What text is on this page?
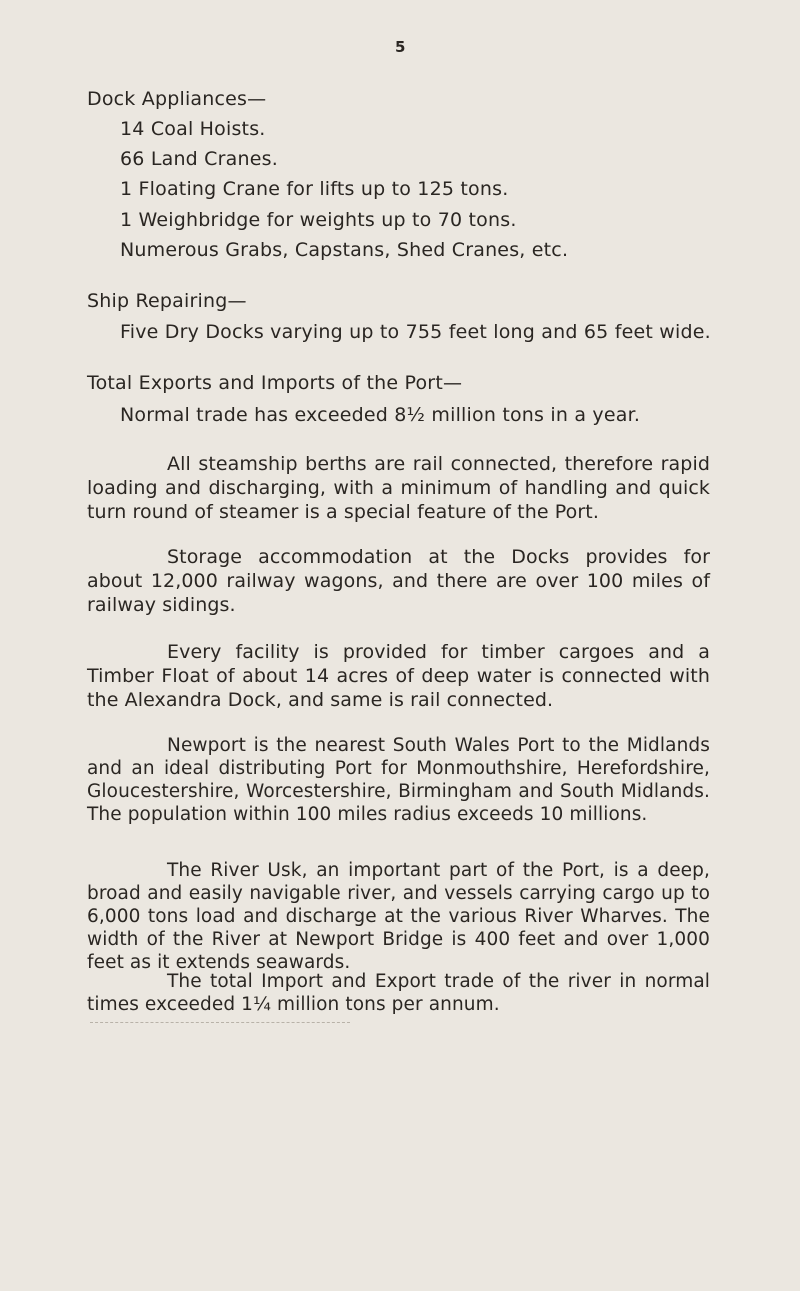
5
Dock Appliances—
14 Coal Hoists.
66 Land Cranes.
1 Floating Crane for lifts up to 125 tons.
1 Weighbridge for weights up to 70 tons.
Numerous Grabs, Capstans, Shed Cranes, etc.
Ship Repairing—
Five Dry Docks varying up to 755 feet long and 65 feet wide.
Total Exports and Imports of the Port—
Normal trade has exceeded 8½ million tons in a year.
All steamship berths are rail connected, therefore rapid loading and discharging, with a minimum of handling and quick turn round of steamer is a special feature of the Port.
Storage accommodation at the Docks provides for about 12,000 railway wagons, and there are over 100 miles of railway sidings.
Every facility is provided for timber cargoes and a Timber Float of about 14 acres of deep water is connected with the Alexandra Dock, and same is rail connected.
Newport is the nearest South Wales Port to the Midlands and an ideal distributing Port for Monmouthshire, Herefordshire, Gloucestershire, Worcestershire, Birmingham and South Midlands. The population within 100 miles radius exceeds 10 millions.
The River Usk, an important part of the Port, is a deep, broad and easily navigable river, and vessels carrying cargo up to 6,000 tons load and discharge at the various River Wharves. The width of the River at Newport Bridge is 400 feet and over 1,000 feet as it extends seawards.
The total Import and Export trade of the river in normal times exceeded 1¼ million tons per annum.
